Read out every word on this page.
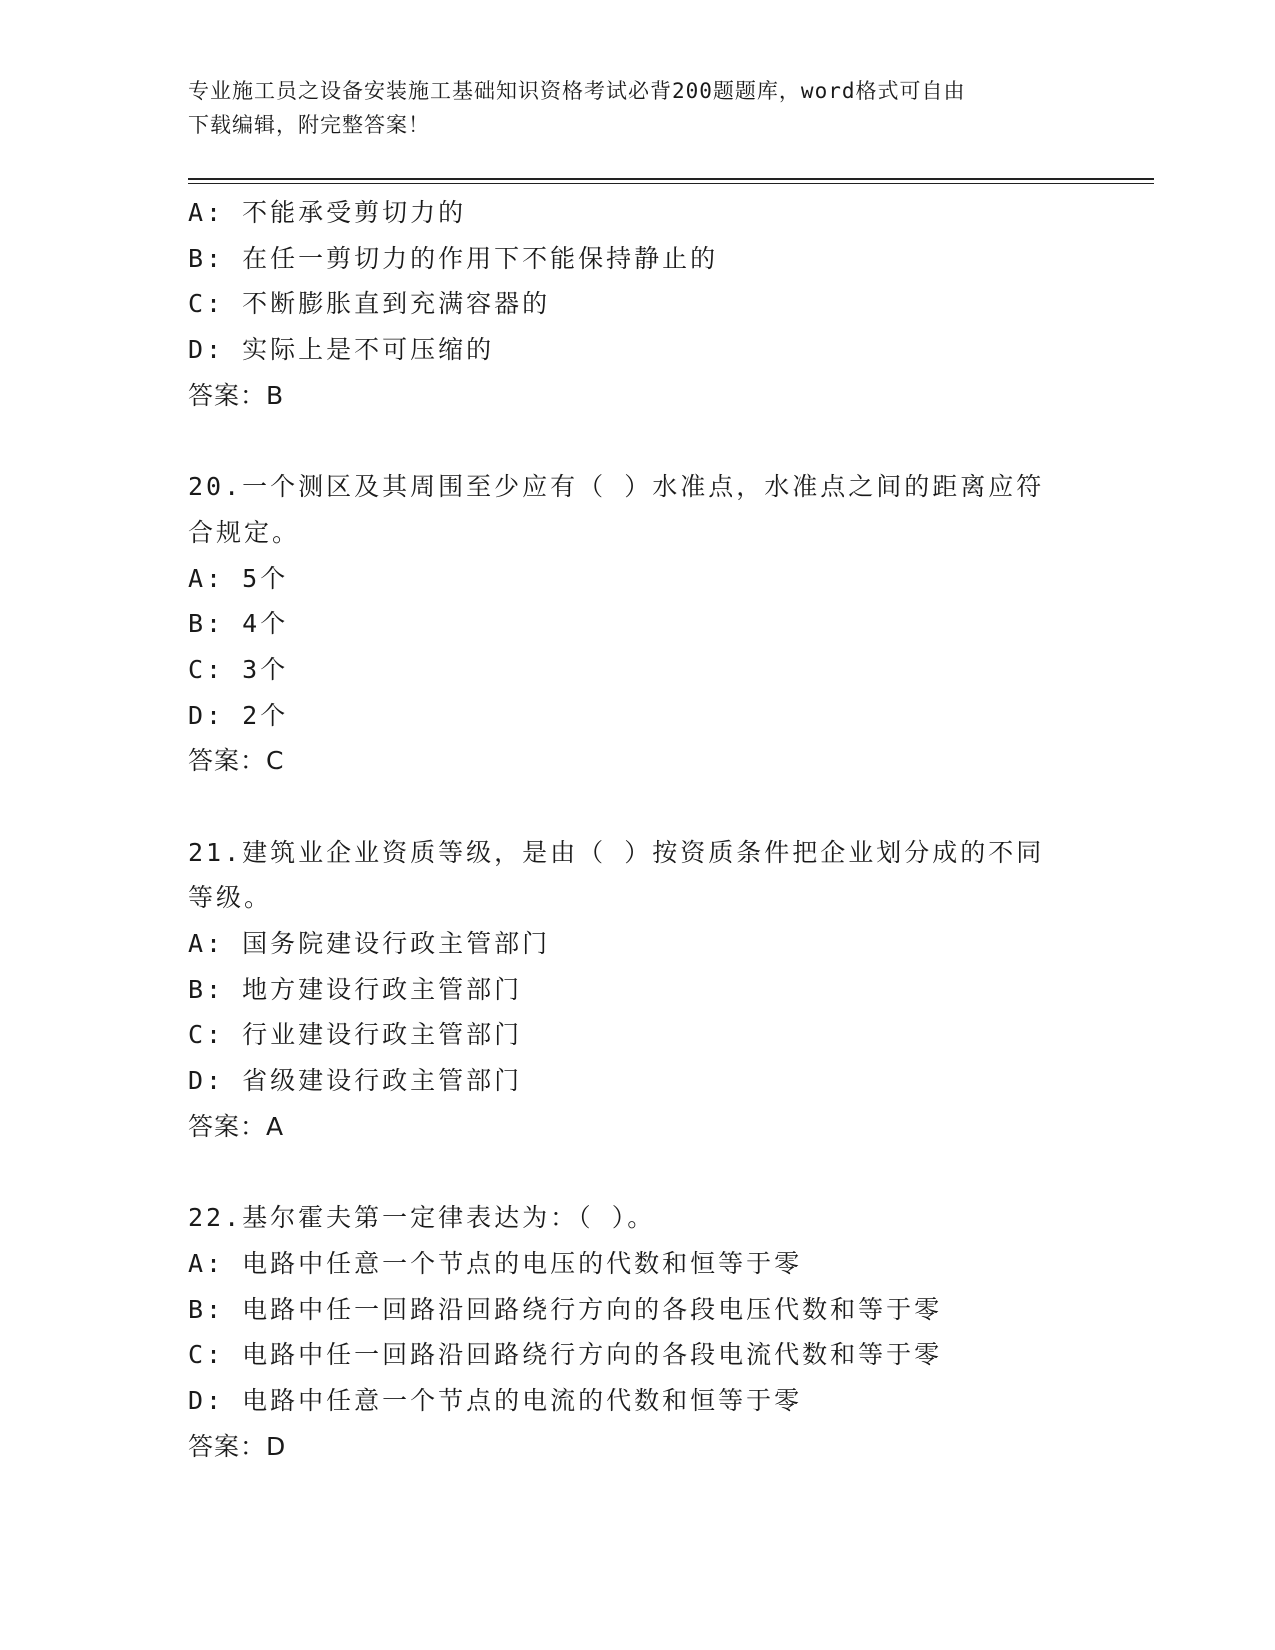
专业施工员之设备安装施工基础知识资格考试必背200题题库，word格式可自由
下载编辑，附完整答案！
A: 不能承受剪切力的
B: 在任一剪切力的作用下不能保持静止的
C: 不断膨胀直到充满容器的
D: 实际上是不可压缩的
答案：B
20.一个测区及其周围至少应有（ ）水准点，水准点之间的距离应符合规定。
A: 5个
B: 4个
C: 3个
D: 2个
答案：C
21.建筑业企业资质等级，是由（ ）按资质条件把企业划分成的不同等级。
A: 国务院建设行政主管部门
B: 地方建设行政主管部门
C: 行业建设行政主管部门
D: 省级建设行政主管部门
答案：A
22.基尔霍夫第一定律表达为：（ ）。
A: 电路中任意一个节点的电压的代数和恒等于零
B: 电路中任一回路沿回路绕行方向的各段电压代数和等于零
C: 电路中任一回路沿回路绕行方向的各段电流代数和等于零
D: 电路中任意一个节点的电流的代数和恒等于零
答案：D
